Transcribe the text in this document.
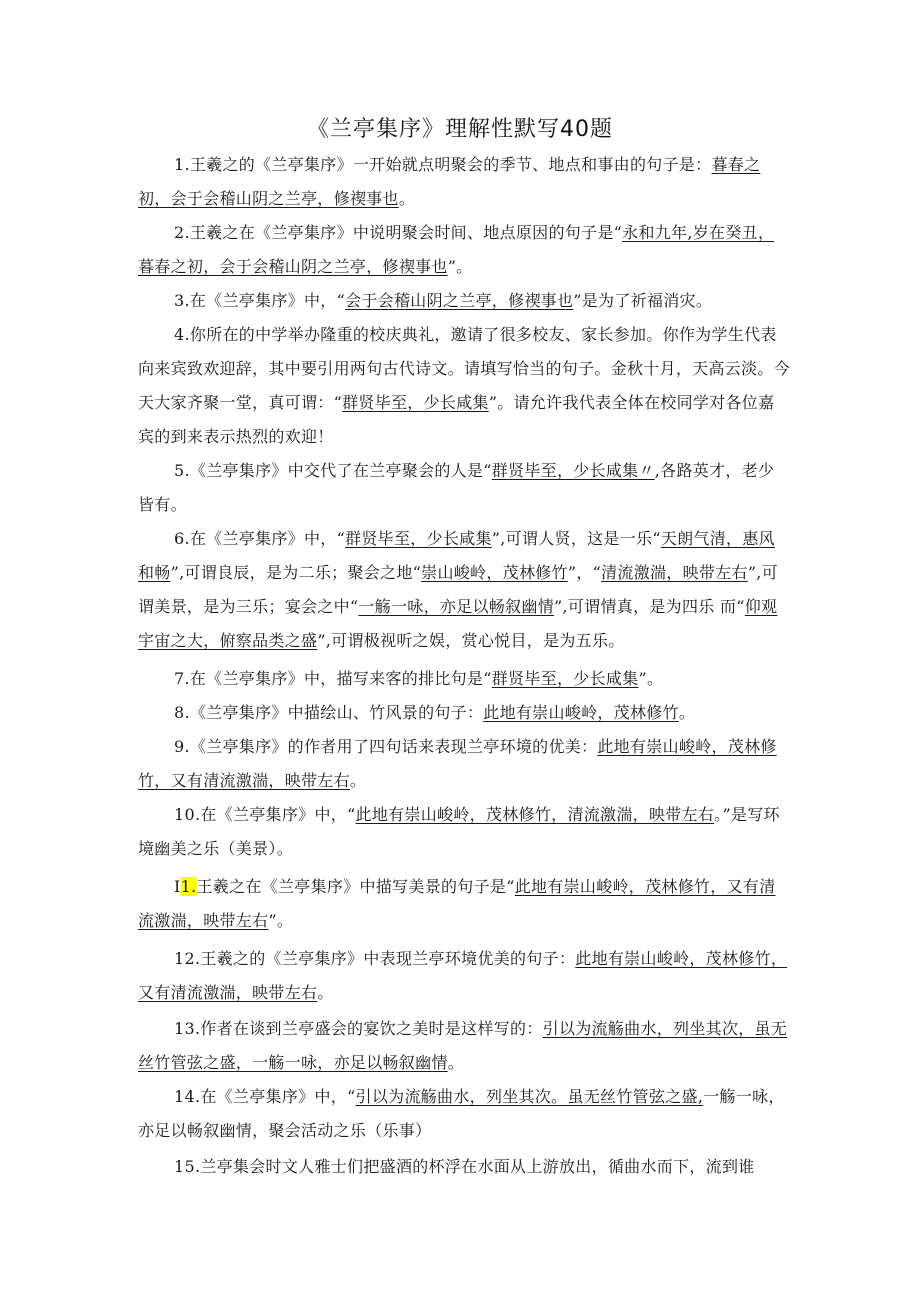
《兰亭集序》理解性默写40题

1.王羲之的《兰亭集序》一开始就点明聚会的季节、地点和事由的句子是：暮春之初，会于会稽山阴之兰亭，修禊事也。

2.王羲之在《兰亭集序》中说明聚会时间、地点原因的句子是“永和九年,岁在癸丑，暮春之初，会于会稽山阴之兰亭，修禊事也”。

3.在《兰亭集序》中，“会于会稽山阴之兰亭，修禊事也”是为了祈福消灾。

4.你所在的中学举办隆重的校庆典礼，邀请了很多校友、家长参加。你作为学生代表向来宾致欢迎辞，其中要引用两句古代诗文。请填写恰当的句子。金秋十月，天高云淡。今天大家齐聚一堂，真可谓：“群贤毕至，少长咸集”。请允许我代表全体在校同学对各位嘉宾的到来表示热烈的欢迎！

5.《兰亭集序》中交代了在兰亭聚会的人是“群贤毕至，少长咸集〃,各路英才，老少皆有。

6.在《兰亭集序》中，“群贤毕至，少长咸集”,可谓人贤，这是一乐“天朗气清，惠风和畅”,可谓良辰，是为二乐；聚会之地“崇山峻岭，茂林修竹”，“清流激湍，映带左右”,可谓美景，是为三乐；宴会之中“一觞一咏，亦足以畅叙幽情”,可谓情真，是为四乐 而“仰观宇宙之大，俯察品类之盛”,可谓极视听之娱，赏心悦目，是为五乐。

7.在《兰亭集序》中，描写来客的排比句是“群贤毕至，少长咸集”。

8.《兰亭集序》中描绘山、竹风景的句子：此地有崇山峻岭，茂林修竹。

9.《兰亭集序》的作者用了四句话来表现兰亭环境的优美：此地有崇山峻岭，茂林修竹，又有清流激湍，映带左右。

10.在《兰亭集序》中，“此地有崇山峻岭，茂林修竹，清流激湍，映带左右。”是写环境幽美之乐（美景）。

I1.王羲之在《兰亭集序》中描写美景的句子是“此地有崇山峻岭，茂林修竹，又有清流激湍，映带左右”。

12.王羲之的《兰亭集序》中表现兰亭环境优美的句子：此地有崇山峻岭，茂林修竹，又有清流激湍，映带左右。

13.作者在谈到兰亭盛会的宴饮之美时是这样写的：引以为流觞曲水，列坐其次，虽无丝竹管弦之盛，一觞一咏，亦足以畅叙幽情。

14.在《兰亭集序》中，“引以为流觞曲水，列坐其次。虽无丝竹管弦之盛,一觞一咏，亦足以畅叙幽情，聚会活动之乐（乐事）

15.兰亭集会时文人雅士们把盛酒的杯浮在水面从上游放出，循曲水而下，流到谁
